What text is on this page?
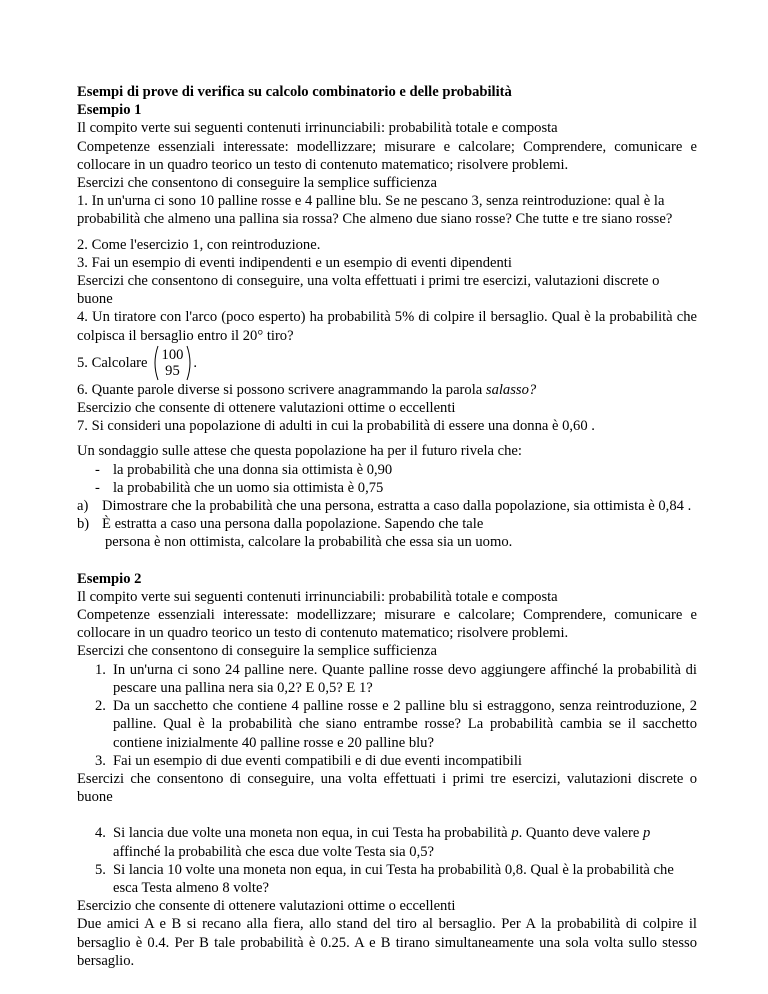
Esempi di prove di verifica su calcolo combinatorio e delle probabilità

Esempio 1

Il compito verte sui seguenti contenuti irrinunciabili: probabilità totale e composta

Competenze essenziali interessate: modellizzare; misurare e calcolare; Comprendere, comunicare e collocare in un quadro teorico un testo di contenuto matematico; risolvere problemi.

Esercizi che consentono di conseguire la semplice sufficienza

1. In un'urna ci sono 10 palline rosse e 4 palline blu. Se ne pescano 3, senza reintroduzione: qual è la probabilità che almeno una pallina sia rossa? Che almeno due siano rosse? Che tutte e tre siano rosse?

2. Come l'esercizio 1, con reintroduzione.

3. Fai un esempio di eventi indipendenti e un esempio di eventi dipendenti

Esercizi che consentono di conseguire, una volta effettuati i primi tre esercizi, valutazioni discrete o buone

4. Un tiratore con l'arco (poco esperto) ha probabilità 5% di colpire il bersaglio. Qual è la probabilità che colpisca il bersaglio entro il 20° tiro?

5. Calcolare 100
95
.

6. Quante parole diverse si possono scrivere anagrammando la parola salasso?

Esercizio che consente di ottenere valutazioni ottime o eccellenti

7. Si consideri una popolazione di adulti in cui la probabilità di essere una donna è 0,60 .

Un sondaggio sulle attese che questa popolazione ha per il futuro rivela che:

- la probabilità che una donna sia ottimista è 0,90
- la probabilità che un uomo sia ottimista è 0,75
a) Dimostrare che la probabilità che una persona, estratta a caso dalla popolazione, sia ottimista è 0,84 .
b) È estratta a caso una persona dalla popolazione. Sapendo che tale

persona è non ottimista, calcolare la probabilità che essa sia un uomo.

Esempio 2

Il compito verte sui seguenti contenuti irrinunciabili: probabilità totale e composta

Competenze essenziali interessate: modellizzare; misurare e calcolare; Comprendere, comunicare e collocare in un quadro teorico un testo di contenuto matematico; risolvere problemi.

Esercizi che consentono di conseguire la semplice sufficienza

1. In un'urna ci sono 24 palline nere. Quante palline rosse devo aggiungere affinché la probabilità di pescare una pallina nera sia 0,2? E 0,5? E 1?
2. Da un sacchetto che contiene 4 palline rosse e 2 palline blu si estraggono, senza reintroduzione, 2 palline. Qual è la probabilità che siano entrambe rosse? La probabilità cambia se il sacchetto contiene inizialmente 40 palline rosse e 20 palline blu?
3. Fai un esempio di due eventi compatibili e di due eventi incompatibili

Esercizi che consentono di conseguire, una volta effettuati i primi tre esercizi, valutazioni discrete o buone

4. Si lancia due volte una moneta non equa, in cui Testa ha probabilità p. Quanto deve valere p
affinché la probabilità che esca due volte Testa sia 0,5?
5. Si lancia 10 volte una moneta non equa, in cui Testa ha probabilità 0,8. Qual è la probabilità che esca Testa almeno 8 volte?

Esercizio che consente di ottenere valutazioni ottime o eccellenti

Due amici A e B si recano alla fiera, allo stand del tiro al bersaglio. Per A la probabilità di colpire il bersaglio è 0.4. Per B tale probabilità è 0.25. A e B tirano simultaneamente una sola volta sullo stesso bersaglio.
